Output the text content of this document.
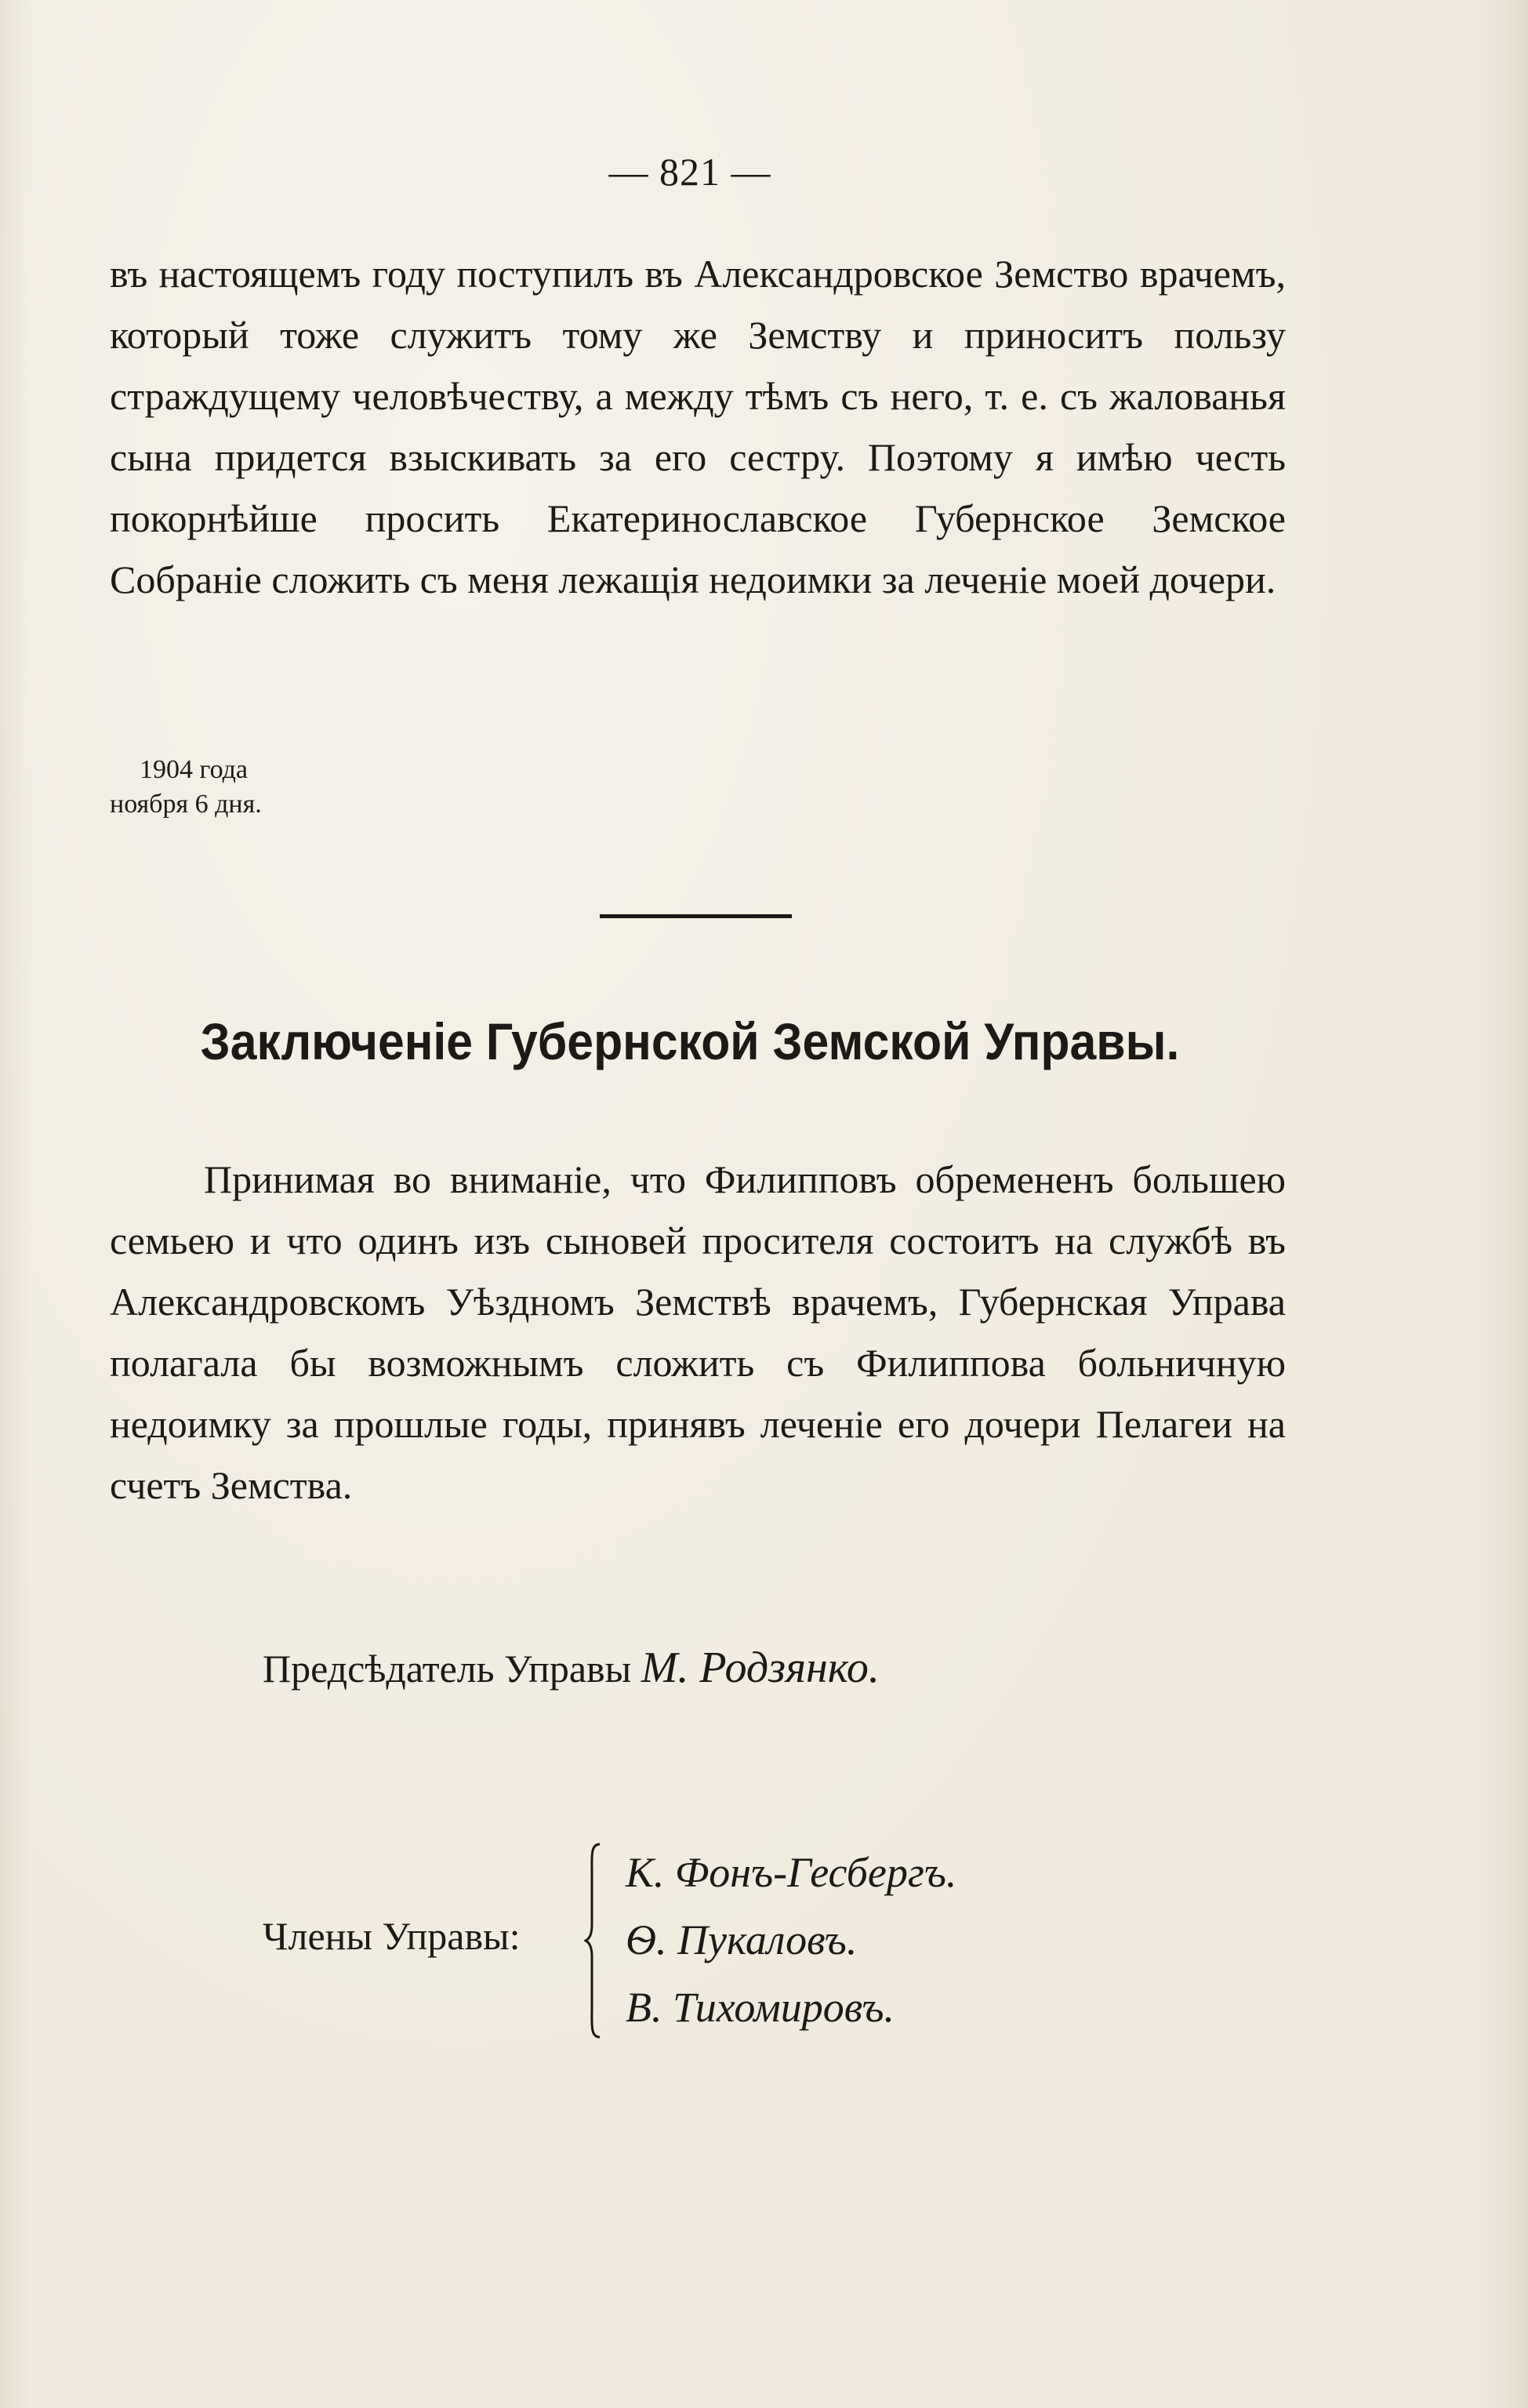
— 821 —

въ настоящемъ году поступилъ въ Александровское Земство врачемъ, который тоже служитъ тому же Земству и приноситъ пользу страждущему человѣчеству, а между тѣмъ съ него, т. е. съ жалованья сына придется взыскивать за его сестру. Поэтому я имѣю честь покорнѣйше просить Екатеринославское Губернское Земское Собранiе сложить съ меня лежащiя недоимки за леченiе моей дочери.

1904 года
ноября 6 дня.
Заключенiе Губернской Земской Управы.

Принимая во вниманiе, что Филипповъ обремененъ большею семьею и что одинъ изъ сыновей просителя состоитъ на службѣ въ Александровскомъ Уѣздномъ Земствѣ врачемъ, Губернская Управа полагала бы возможнымъ сложить съ Филиппова больничную недоимку за прошлые годы, принявъ леченiе его дочери Пелагеи на счетъ Земства.

Предсѣдатель Управы М. Родзянко.
Члены Управы:
К. Фонъ-Гесбергъ.
Ѳ. Пукаловъ.
В. Тихомировъ.
